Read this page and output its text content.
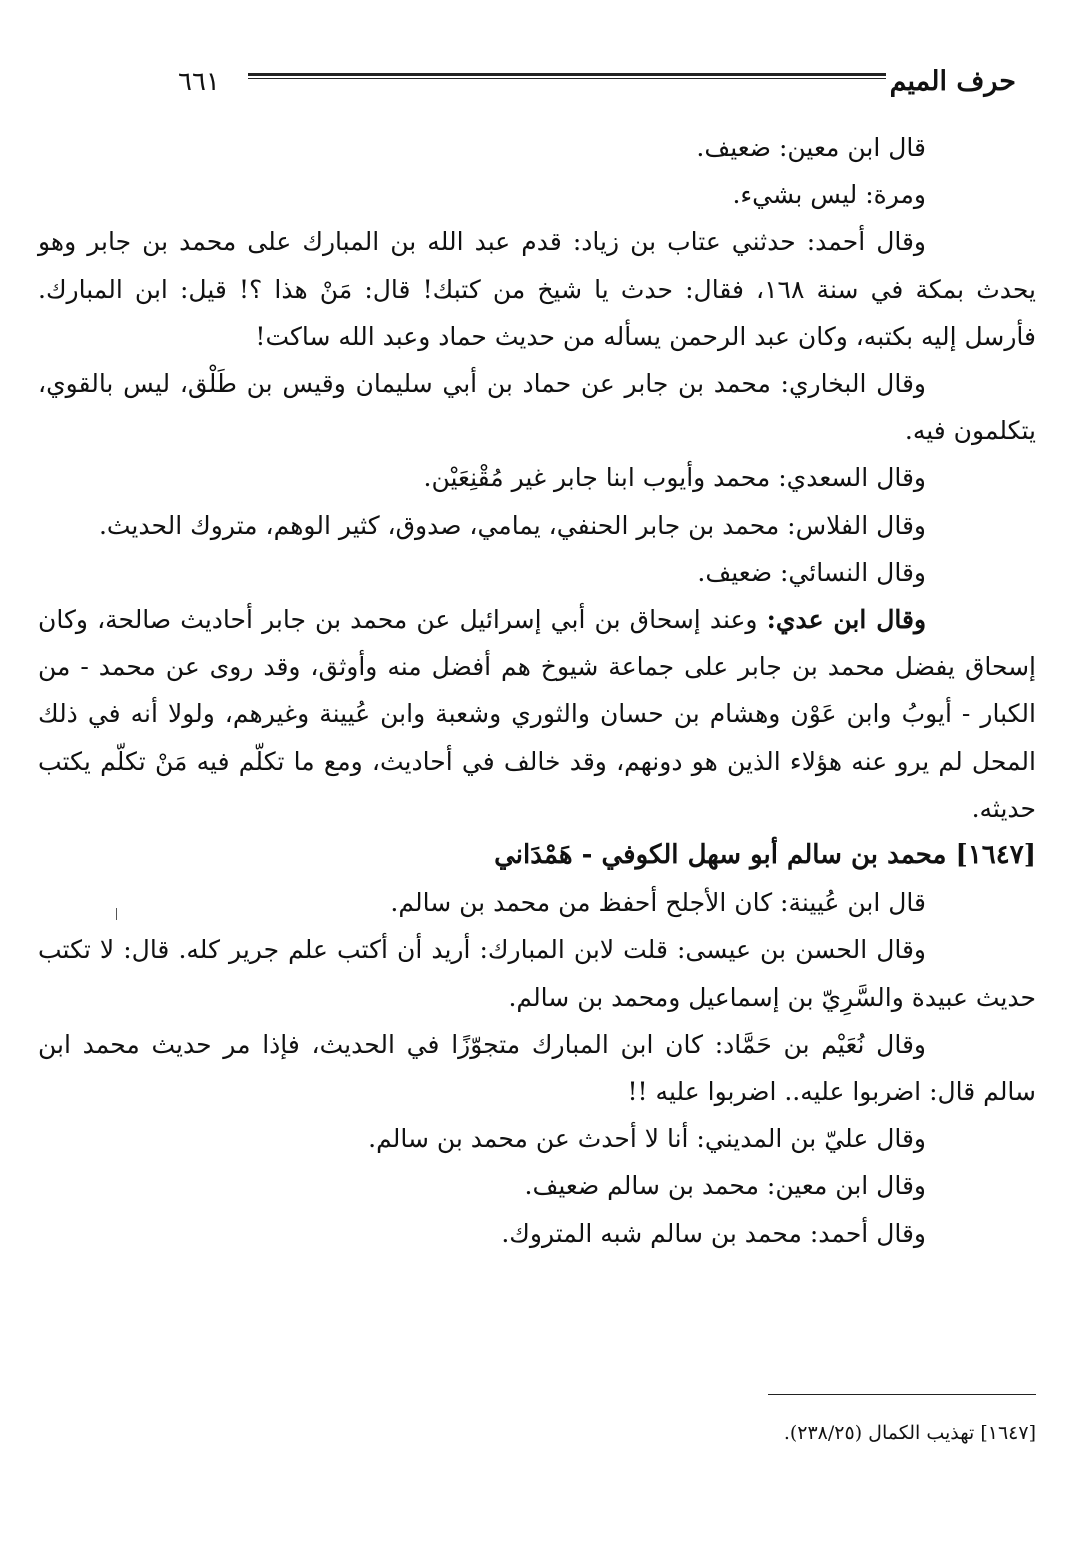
حرف الميم
٦٦١

قال ابن معين: ضعيف.

ومرة: ليس بشيء.

وقال أحمد: حدثني عتاب بن زياد: قدم عبد الله بن المبارك على محمد بن جابر وهو يحدث بمكة في سنة ١٦٨، فقال: حدث يا شيخ من كتبك! قال: مَنْ هذا ؟! قيل: ابن المبارك. فأرسل إليه بكتبه، وكان عبد الرحمن يسأله من حديث حماد وعبد الله ساكت!

وقال البخاري: محمد بن جابر عن حماد بن أبي سليمان وقيس بن طَلْق، ليس بالقوي، يتكلمون فيه.

وقال السعدي: محمد وأيوب ابنا جابر غير مُقْنِعَيْن.

وقال الفلاس: محمد بن جابر الحنفي، يمامي، صدوق، كثير الوهم، متروك الحديث.

وقال النسائي: ضعيف.

وقال ابن عدي: وعند إسحاق بن أبي إسرائيل عن محمد بن جابر أحاديث صالحة، وكان إسحاق يفضل محمد بن جابر على جماعة شيوخ هم أفضل منه وأوثق، وقد روى عن محمد - من الكبار - أيوبُ وابن عَوْن وهشام بن حسان والثوري وشعبة وابن عُيينة وغيرهم، ولولا أنه في ذلك المحل لم يرو عنه هؤلاء الذين هو دونهم، وقد خالف في أحاديث، ومع ما تكلّم فيه مَنْ تكلّم يكتب حديثه.

[١٦٤٧] محمد بن سالم أبو سهل الكوفي - هَمْدَاني

قال ابن عُيينة: كان الأجلح أحفظ من محمد بن سالم.

وقال الحسن بن عيسى: قلت لابن المبارك: أريد أن أكتب علم جرير كله. قال: لا تكتب حديث عبيدة والسَّرِيّ بن إسماعيل ومحمد بن سالم.

وقال نُعَيْم بن حَمَّاد: كان ابن المبارك متجوّزًا في الحديث، فإذا مر حديث محمد ابن سالم قال: اضربوا عليه.. اضربوا عليه !!

وقال عليّ بن المديني: أنا لا أحدث عن محمد بن سالم.

وقال ابن معين: محمد بن سالم ضعيف.

وقال أحمد: محمد بن سالم شبه المتروك.

[١٦٤٧] تهذيب الكمال (٢٣٨/٢٥).
